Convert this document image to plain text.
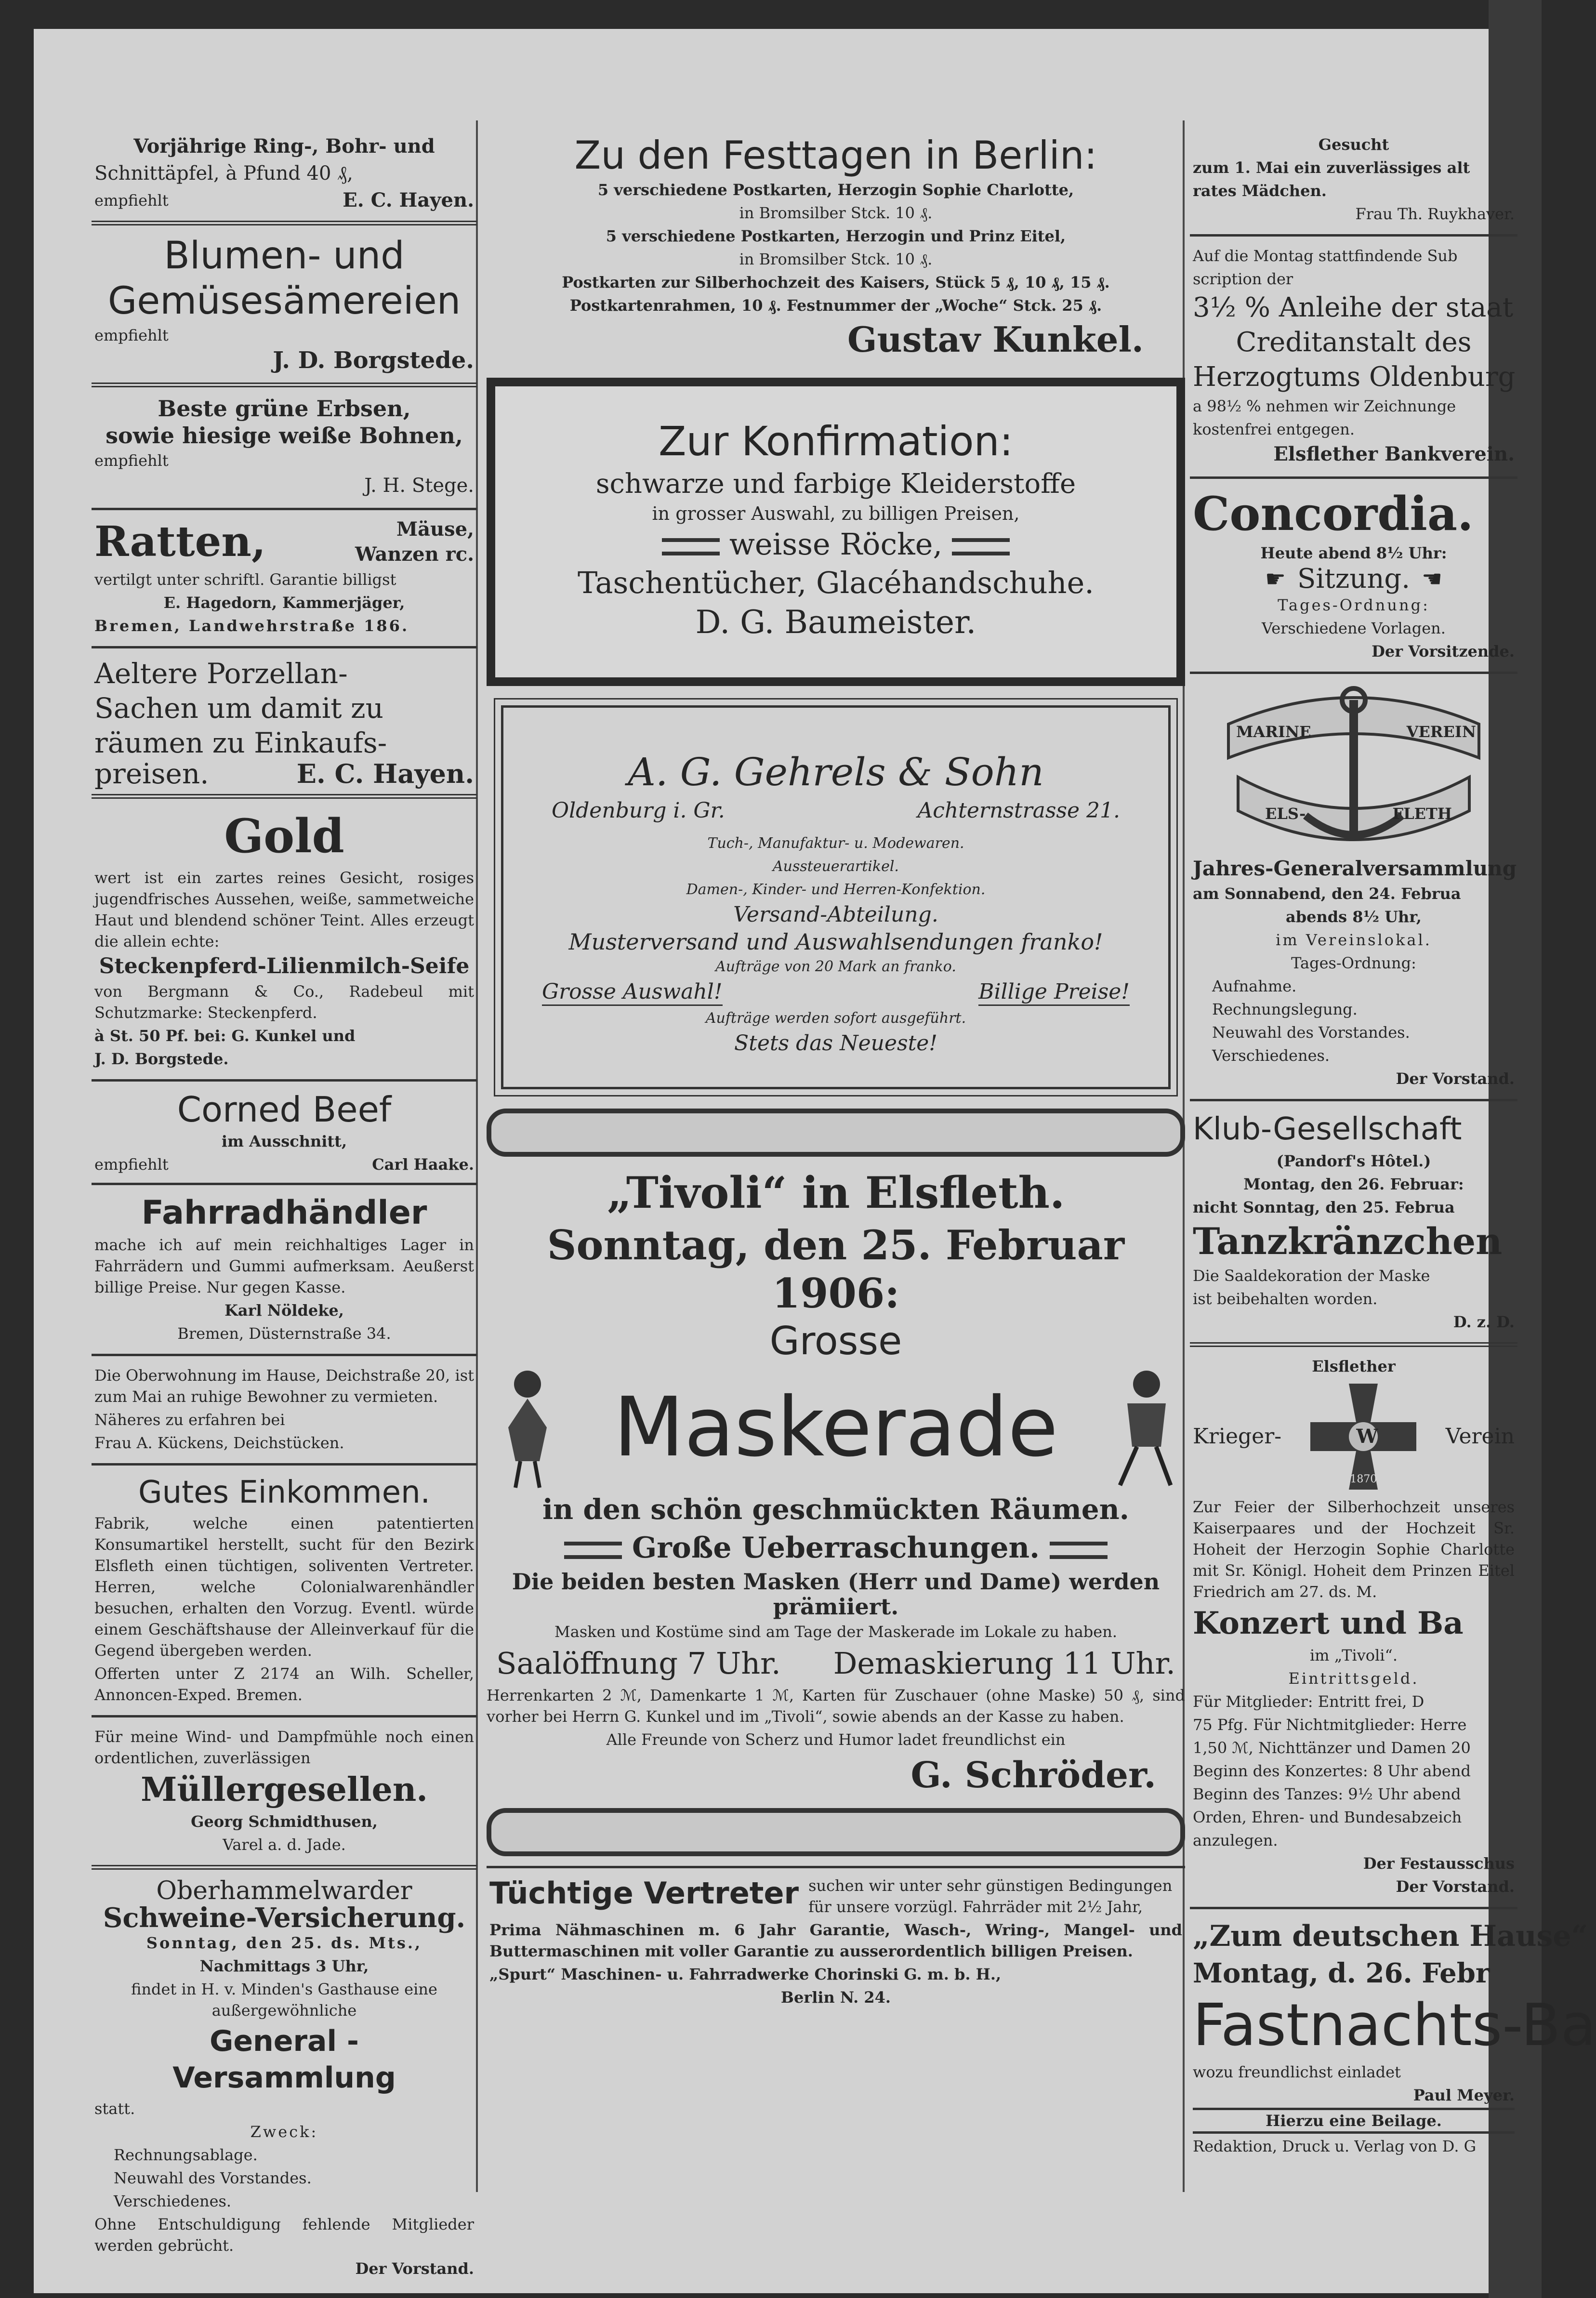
Vorjährige Ring-, Bohr- und

Schnittäpfel, à Pfund 40 ₰,

empfiehlt	E. C. Hayen.

Blumen- und

Gemüsesämereien

empfiehlt

J. D. Borgstede.

Beste grüne Erbsen,

sowie hiesige weiße Bohnen,

empfiehlt

J. H. Stege.

Ratten,	Mäuse,
Wanzen rc.

vertilgt unter schriftl. Garantie billigst

E. Hagedorn, Kammerjäger,

Bremen, Landwehrstraße 186.

Aeltere Porzellan-

Sachen um damit zu

räumen zu Einkaufs-

preisen.	E. C. Hayen.

Gold

wert ist ein zartes reines Gesicht, rosiges jugendfrisches Aussehen, weiße, sammetweiche Haut und blendend schöner Teint. Alles erzeugt die allein echte:

Steckenpferd-Lilienmilch-Seife

von Bergmann & Co., Radebeul mit Schutzmarke: Steckenpferd.

à St. 50 Pf. bei: G. Kunkel und

J. D. Borgstede.

Corned Beef

im Ausschnitt,

empfiehlt	Carl Haake.

Fahrradhändler

mache ich auf mein reichhaltiges Lager in Fahrrädern und Gummi aufmerksam. Aeußerst billige Preise. Nur gegen Kasse.

Karl Nöldeke,

Bremen, Düsternstraße 34.

Die Oberwohnung im Hause, Deichstraße 20, ist zum Mai an ruhige Bewohner zu vermieten.

Näheres zu erfahren bei

Frau A. Kückens, Deichstücken.

Gutes Einkommen.

Fabrik, welche einen patentierten Konsumartikel herstellt, sucht für den Bezirk Elsfleth einen tüchtigen, soliventen Vertreter. Herren, welche Colonialwarenhändler besuchen, erhalten den Vorzug. Eventl. würde einem Geschäftshause der Alleinverkauf für die Gegend übergeben werden.

Offerten unter Z 2174 an Wilh. Scheller, Annoncen-Exped. Bremen.

Für meine Wind- und Dampfmühle noch einen ordentlichen, zuverlässigen

Müllergesellen.

Georg Schmidthusen,

Varel a. d. Jade.

Oberhammelwarder

Schweine-Versicherung.

Sonntag, den 25. ds. Mts.,

Nachmittags 3 Uhr,

findet in H. v. Minden's Gasthause eine außergewöhnliche

General - Versammlung

statt.

Zweck:

Rechnungsablage.

Neuwahl des Vorstandes.

Verschiedenes.

Ohne Entschuldigung fehlende Mitglieder werden gebrücht.

Der Vorstand.

Zu den Festtagen in Berlin:

5 verschiedene Postkarten, Herzogin Sophie Charlotte,

in Bromsilber Stck. 10 ₰.

5 verschiedene Postkarten, Herzogin und Prinz Eitel,

in Bromsilber Stck. 10 ₰.

Postkarten zur Silberhochzeit des Kaisers, Stück 5 ₰, 10 ₰, 15 ₰.

Postkartenrahmen, 10 ₰. Festnummer der „Woche“ Stck. 25 ₰.

Gustav Kunkel.

Zur Konfirmation:

schwarze und farbige Kleiderstoffe

in grosser Auswahl, zu billigen Preisen,

weisse Röcke,

Taschentücher, Glacéhandschuhe.

D. G. Baumeister.

A. G. Gehrels & Sohn

Oldenburg i. Gr.	Achternstrasse 21.

Tuch-, Manufaktur- u. Modewaren.

Aussteuerartikel.

Damen-, Kinder- und Herren-Konfektion.

Versand-Abteilung.

Musterversand und Auswahlsendungen franko!

Aufträge von 20 Mark an franko.

Grosse Auswahl!	Billige Preise!

Aufträge werden sofort ausgeführt.

Stets das Neueste!

„Tivoli“ in Elsfleth.

Sonntag, den 25. Februar 1906:

Grosse

Maskerade

in den schön geschmückten Räumen.

Große Ueberraschungen.

Die beiden besten Masken (Herr und Dame) werden prämiiert.

Masken und Kostüme sind am Tage der Maskerade im Lokale zu haben.

Saalöffnung 7 Uhr. Demaskierung 11 Uhr.

Herrenkarten 2 ℳ, Damenkarte 1 ℳ, Karten für Zuschauer (ohne Maske) 50 ₰, sind vorher bei Herrn G. Kunkel und im „Tivoli“, sowie abends an der Kasse zu haben.

Alle Freunde von Scherz und Humor ladet freundlichst ein

G. Schröder.

Tüchtige Vertreter suchen wir unter sehr günstigen Bedingungen für unsere vorzügl. Fahrräder mit 2½ Jahr,

Prima Nähmaschinen m. 6 Jahr Garantie, Wasch-, Wring-, Mangel- und Buttermaschinen mit voller Garantie zu ausserordentlich billigen Preisen.

„Spurt“ Maschinen- u. Fahrradwerke Chorinski G. m. b. H.,

Berlin N. 24.

Gesucht

zum 1. Mai ein zuverlässiges alt

rates Mädchen.

Frau Th. Ruykhaver.

Auf die Montag stattfindende Sub

scription der

3½ % Anleihe der staat

Creditanstalt des

Herzogtums Oldenburg

a 98½ % nehmen wir Zeichnunge

kostenfrei entgegen.

Elsflether Bankverein.

Concordia.

Heute abend 8½ Uhr:

☛ Sitzung. ☚

Tages-Ordnung:

Verschiedene Vorlagen.

Der Vorsitzende.

MARINE	VEREIN
ELS-	FLETH

Jahres-Generalversammlung

am Sonnabend, den 24. Februa

abends 8½ Uhr,

im Vereinslokal.

Tages-Ordnung:

Aufnahme.

Rechnungslegung.

Neuwahl des Vorstandes.

Verschiedenes.

Der Vorstand.

Klub-Gesellschaft

(Pandorf's Hôtel.)

Montag, den 26. Februar:

nicht Sonntag, den 25. Februa

Tanzkränzchen

Die Saaldekoration der Maske

ist beibehalten worden.

D. z. D.

Elsflether

Krieger-	W
1870
Verein

Zur Feier der Silberhochzeit unseres Kaiserpaares und der Hochzeit Sr. Hoheit der Herzogin Sophie Charlotte mit Sr. Königl. Hoheit dem Prinzen Eitel Friedrich am 27. ds. M.

Konzert und Ba

im „Tivoli“.

Eintrittsgeld.

Für Mitglieder: Entritt frei, D

75 Pfg. Für Nichtmitglieder: Herre

1,50 ℳ, Nichttänzer und Damen 20

Beginn des Konzertes: 8 Uhr abend

Beginn des Tanzes: 9½ Uhr abend

Orden, Ehren- und Bundesabzeich

anzulegen.

Der Festausschus

Der Vorstand.

„Zum deutschen Hause“

Montag, d. 26. Febr

Fastnachts-Ba

wozu freundlichst einladet

Paul Meyer.

Hierzu eine Beilage.

Redaktion, Druck u. Verlag von D. G
